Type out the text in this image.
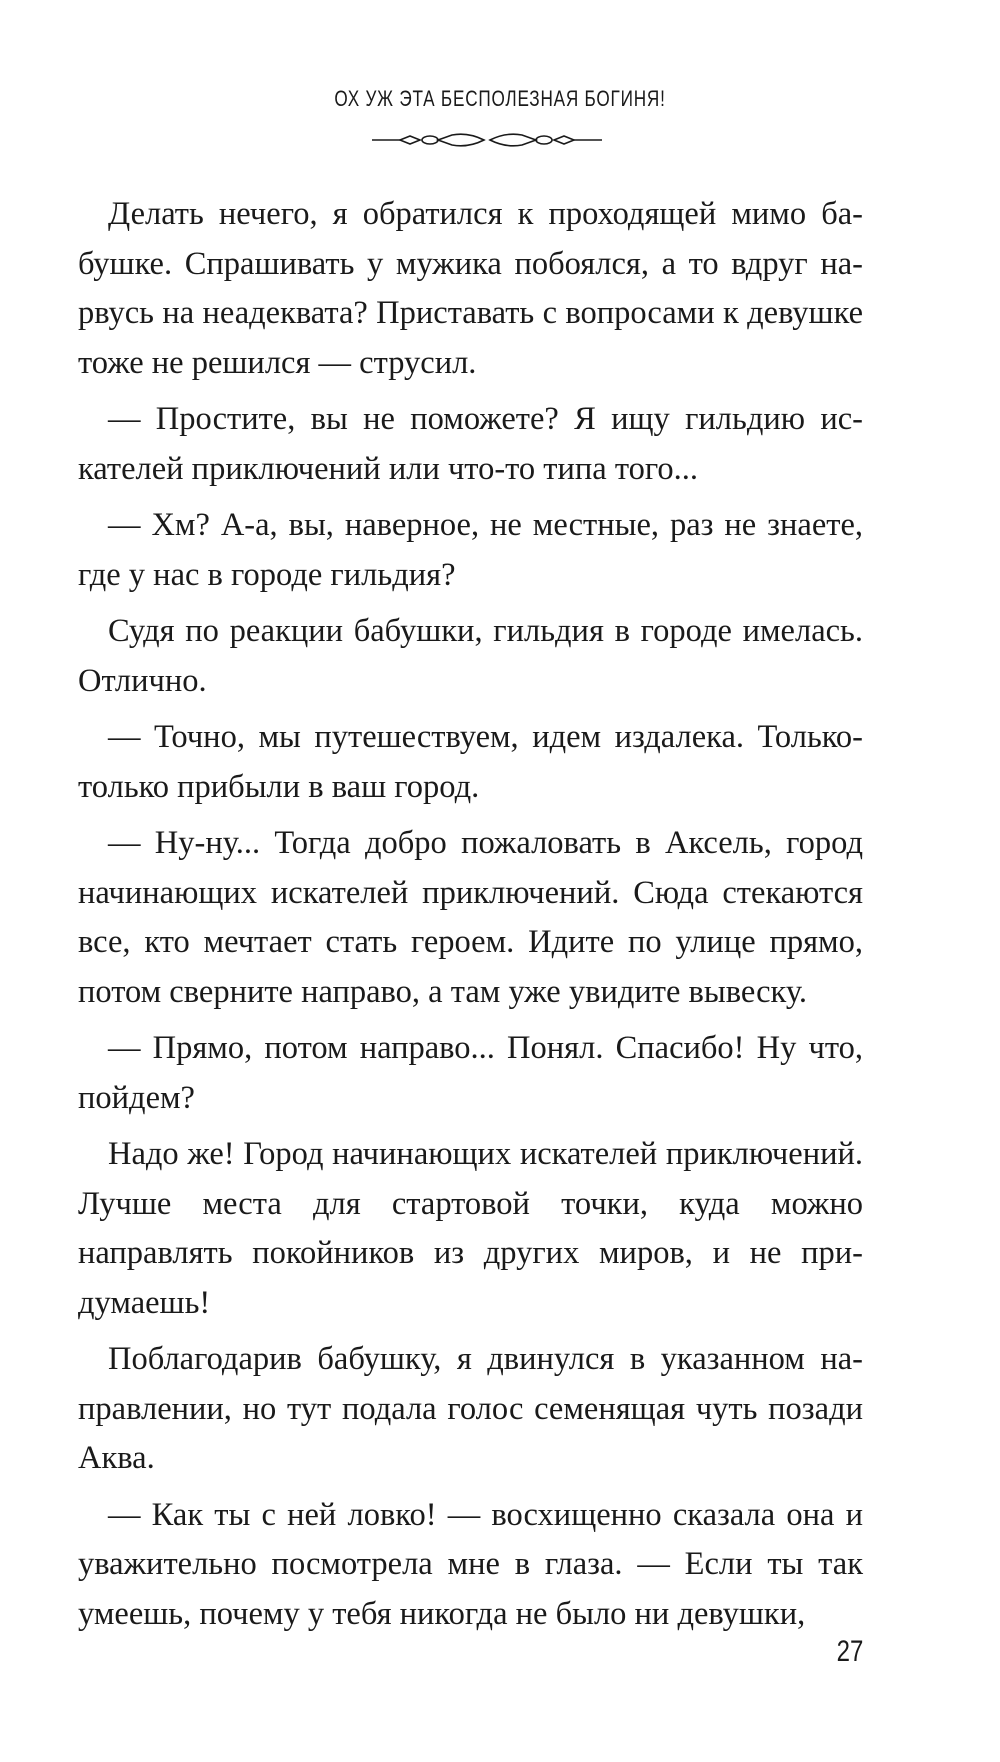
ОХ УЖ ЭТА БЕСПОЛЕЗНАЯ БОГИНЯ!

Делать нечего, я обратился к проходящей мимо бабушке. Спрашивать у мужика побоялся, а то вдруг нарвусь на неадеквата? Приставать с вопросами к девушке тоже не решился — струсил.

— Простите, вы не поможете? Я ищу гильдию искателей приключений или что-то типа того...

— Хм? А-а, вы, наверное, не местные, раз не знаете, где у нас в городе гильдия?

Судя по реакции бабушки, гильдия в городе имелась. Отлично.

— Точно, мы путешествуем, идем издалека. Только-только прибыли в ваш город.

— Ну-ну... Тогда добро пожаловать в Аксель, город начинающих искателей приключений. Сюда стекаются все, кто мечтает стать героем. Идите по улице прямо, потом сверните направо, а там уже увидите вывеску.

— Прямо, потом направо... Понял. Спасибо! Ну что, пойдем?

Надо же! Город начинающих искателей приключений. Лучше места для стартовой точки, куда можно направлять покойников из других миров, и не придумаешь!

Поблагодарив бабушку, я двинулся в указанном направлении, но тут подала голос семенящая чуть позади Аква.

— Как ты с ней ловко! — восхищенно сказала она и уважительно посмотрела мне в глаза. — Если ты так умеешь, почему у тебя никогда не было ни девушки,

27
